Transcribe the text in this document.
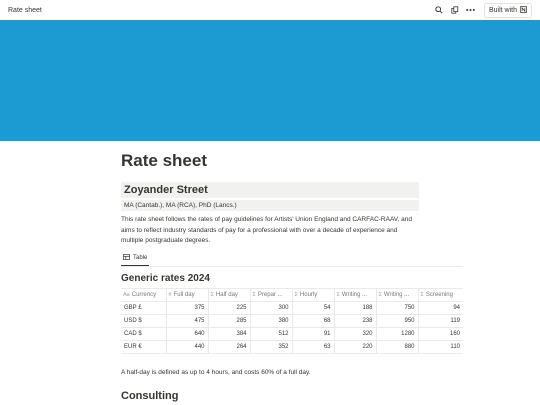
Rate sheet	Built with
Rate sheet
Zoyander Street
MA (Cantab.), MA (RCA), PhD (Lancs.)

This rate sheet follows the rates of pay guidelines for Artists' Union England and CARFAC-RAAV, and aims to reflect industry standards of pay for a professional with over a decade of experience and multiple postgraduate degrees.

Table
Generic rates 2024
Aa Currency	# Full day	Σ Half day	Σ Prepar ...	Σ Hourly	Σ Writing ...	Σ Writing ...	Σ Screening
GBP £	375	225	300	54	188	750	94
USD $	475	285	380	68	238	950	119
CAD $	640	384	512	91	320	1280	160
EUR €	440	264	352	63	220	880	110

A half-day is defined as up to 4 hours, and costs 60% of a full day.

Consulting
